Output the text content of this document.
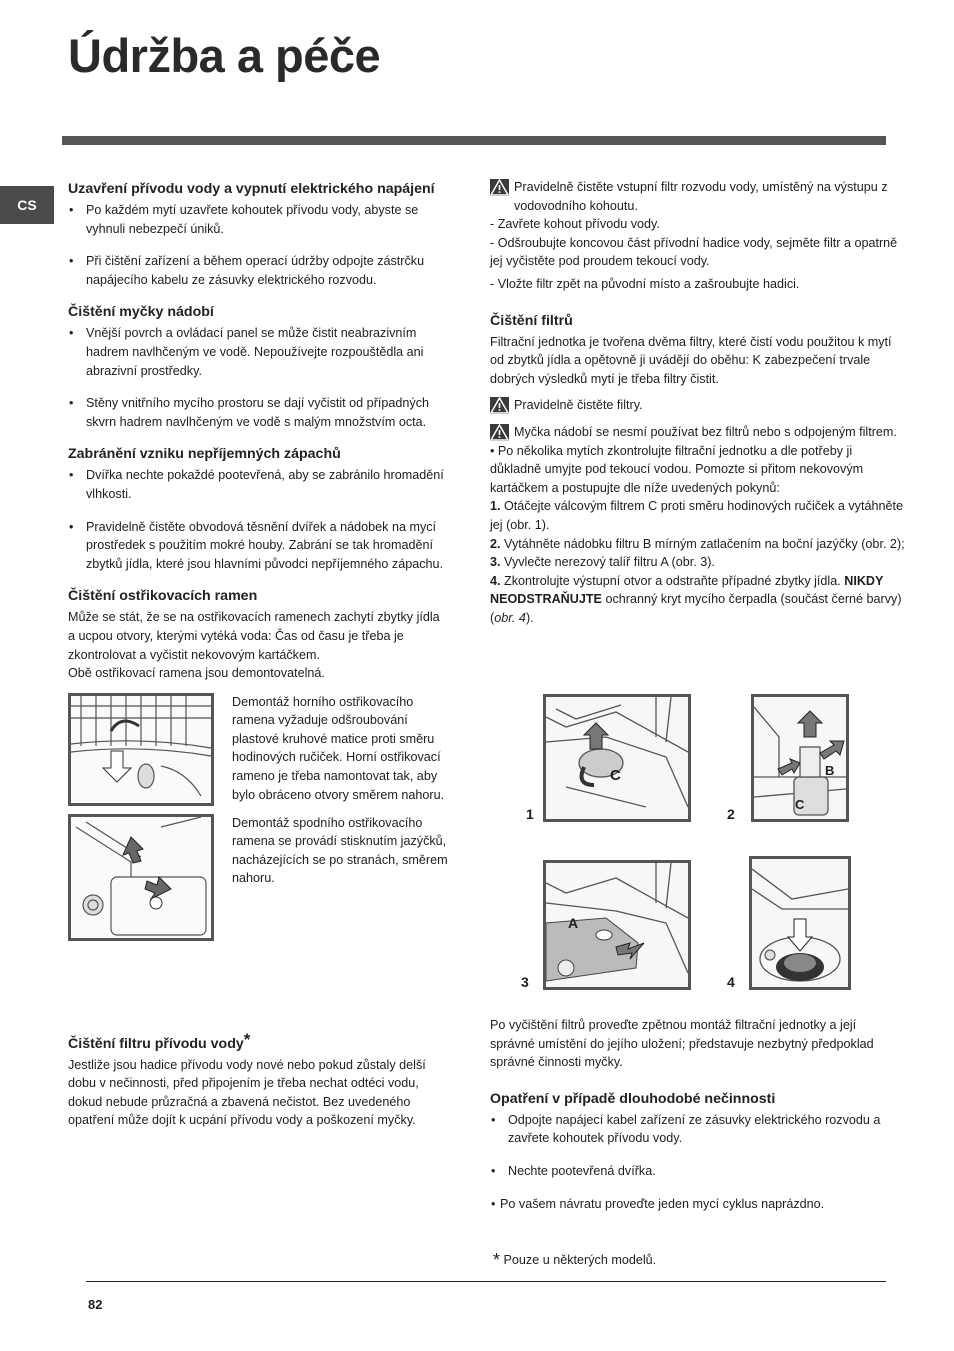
Údržba a péče
CS
Uzavření přívodu vody a vypnutí elektrického napájení
• Po každém mytí uzavřete kohoutek přívodu vody, abyste se vyhnuli nebezpečí úniků.
• Při čištění zařízení a během operací údržby odpojte zástrčku napájecího kabelu ze zásuvky elektrického rozvodu.
Čištění myčky nádobí
• Vnější povrch a ovládací panel se může čistit neabrazivním hadrem navlhčeným ve vodě. Nepoužívejte rozpouštědla ani abrazivní prostředky.
• Stěny vnitřního mycího prostoru se dají vyčistit od případných skvrn hadrem navlhčeným ve vodě s malým množstvím octa.
Zabránění vzniku nepříjemných zápachů
• Dvířka nechte pokaždé pootevřená, aby se zabránilo hromadění vlhkosti.
• Pravidelně čistěte obvodová těsnění dvířek a nádobek na mycí prostředek s použitím mokré houby. Zabrání se tak hromadění zbytků jídla, které jsou hlavními původci nepříjemného zápachu.
Čištění ostřikovacích ramen

Může se stát, že se na ostřikovacích ramenech zachytí zbytky jídla a ucpou otvory, kterými vytéká voda: Čas od času je třeba je zkontrolovat a vyčistit nekovovým kartáčkem.
Obě ostřikovací ramena jsou demontovatelná.

Demontáž horního ostřikovacího ramena vyžaduje odšroubování plastové kruhové matice proti směru hodinových ručiček. Horní ostřikovací rameno je třeba namontovat tak, aby bylo obráceno otvory směrem nahoru.

Demontáž spodního ostřikovacího ramena se provádí stisknutím jazýčků, nacházejících se po stranách, směrem nahoru.

Čištění filtru přívodu vody*

Jestliže jsou hadice přívodu vody nové nebo pokud zůstaly delší dobu v nečinnosti, před připojením je třeba nechat odtéci vodu, dokud nebude průzračná a zbavená nečistot. Bez uvedeného opatření může dojít k ucpání přívodu vody a poškození myčky.

Pravidelně čistěte vstupní filtr rozvodu vody, umístěný na výstupu z vodovodního kohoutu.

- Zavřete kohout přívodu vody.

- Odšroubujte koncovou část přívodní hadice vody, sejměte filtr a opatrně jej vyčistěte pod proudem tekoucí vody.

- Vložte filtr zpět na původní místo a zašroubujte hadici.

Čištění filtrů

Filtrační jednotka je tvořena dvěma filtry, které čistí vodu použitou k mytí od zbytků jídla a opětovně ji uvádějí do oběhu: K zabezpečení trvale dobrých výsledků mytí je třeba filtry čistit.

Pravidelně čistěte filtry.
Myčka nádobí se nesmí používat bez filtrů nebo s odpojeným filtrem.

• Po několika mytích zkontrolujte filtrační jednotku a dle potřeby ji důkladně umyjte pod tekoucí vodou. Pomozte si přitom nekovovým kartáčkem a postupujte dle níže uvedených pokynů:

1. Otáčejte válcovým filtrem C proti směru hodinových ručiček a vytáhněte jej (obr. 1).

2. Vytáhněte nádobku filtru B mírným zatlačením na boční jazýčky (obr. 2);

3. Vyvlečte nerezový talíř filtru A (obr. 3).

4. Zkontrolujte výstupní otvor a odstraňte případné zbytky jídla. NIKDY NEODSTRAŇUJTE ochranný kryt mycího čerpadla (součást černé barvy) (obr. 4).

C
1
B
C
2
A
3	4

Po vyčištění filtrů proveďte zpětnou montáž filtrační jednotky a její správné umístění do jejího uložení; představuje nezbytný předpoklad správné činnosti myčky.

Opatření v případě dlouhodobé nečinnosti
• Odpojte napájecí kabel zařízení ze zásuvky elektrického rozvodu a zavřete kohoutek přívodu vody.
• Nechte pootevřená dvířka.
• Po vašem návratu proveďte jeden mycí cyklus naprázdno.
* Pouze u některých modelů.
82
